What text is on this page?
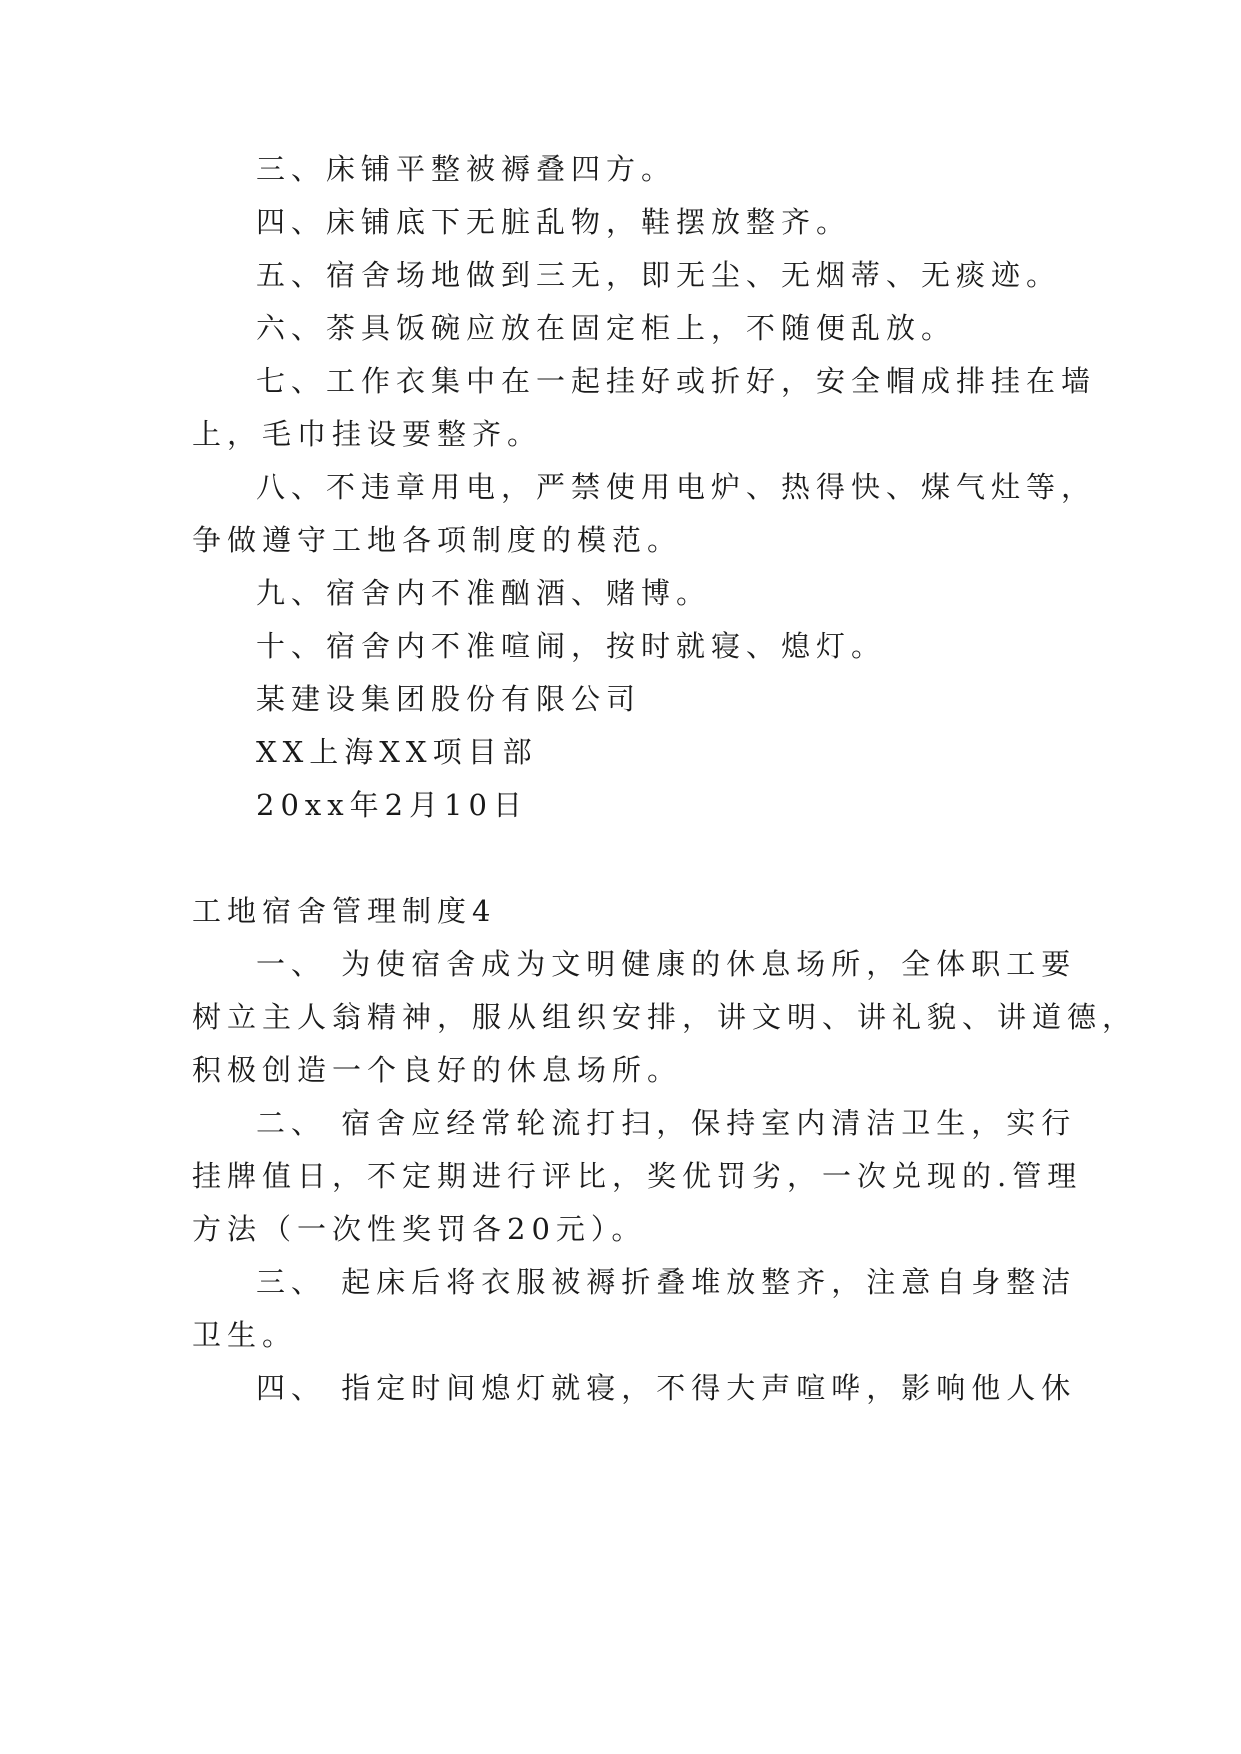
三、床铺平整被褥叠四方。
四、床铺底下无脏乱物，鞋摆放整齐。
五、宿舍场地做到三无，即无尘、无烟蒂、无痰迹。
六、茶具饭碗应放在固定柜上，不随便乱放。
七、工作衣集中在一起挂好或折好，安全帽成排挂在墙
上，毛巾挂设要整齐。
八、不违章用电，严禁使用电炉、热得快、煤气灶等，
争做遵守工地各项制度的模范。
九、宿舍内不准酗酒、赌博。
十、宿舍内不准喧闹，按时就寝、熄灯。
某建设集团股份有限公司
XX上海XX项目部
20xx年2月10日
工地宿舍管理制度4
一、 为使宿舍成为文明健康的休息场所，全体职工要
树立主人翁精神，服从组织安排，讲文明、讲礼貌、讲道德，
积极创造一个良好的休息场所。
二、 宿舍应经常轮流打扫，保持室内清洁卫生，实行
挂牌值日，不定期进行评比，奖优罚劣，一次兑现的.管理
方法（一次性奖罚各20元）。
三、 起床后将衣服被褥折叠堆放整齐，注意自身整洁
卫生。
四、 指定时间熄灯就寝，不得大声喧哗，影响他人休
